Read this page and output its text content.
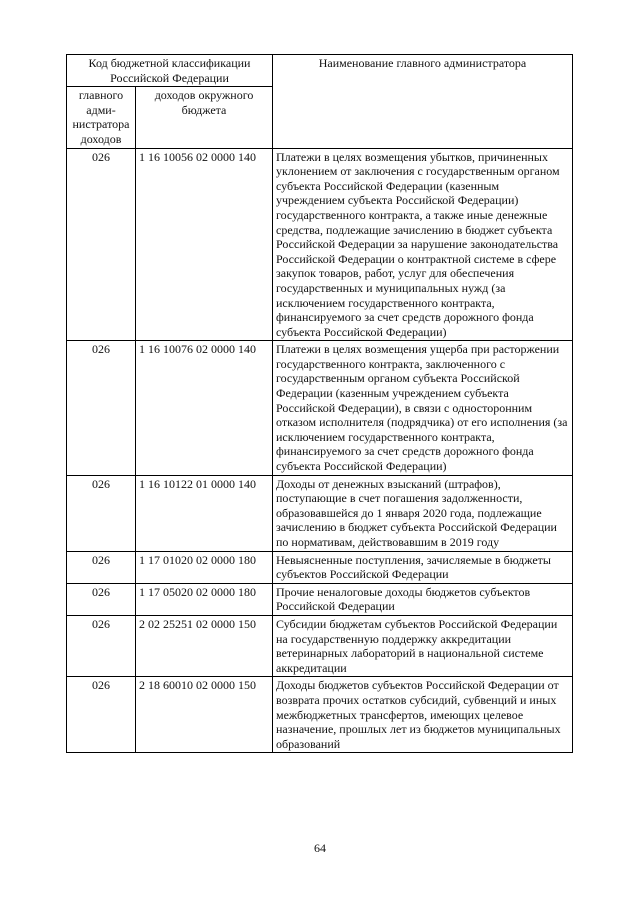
Код бюджетной классификации Российской Федерации		Наименование главного администратора
главного адми-нистратора доходов	доходов окружного бюджета	
026	1 16 10056 02 0000 140	Платежи в целях возмещения убытков, причиненных уклонением от заключения с государственным органом субъекта Российской Федерации (казенным учреждением субъекта Российской Федерации) государственного контракта, а также иные денежные средства, подлежащие зачислению в бюджет субъекта Российской Федерации за нарушение законодательства Российской Федерации о контрактной системе в сфере закупок товаров, работ, услуг для обеспечения государственных и муниципальных нужд (за исключением государственного контракта, финансируемого за счет средств дорожного фонда субъекта Российской Федерации)
026	1 16 10076 02 0000 140	Платежи в целях возмещения ущерба при расторжении государственного контракта, заключенного с государственным органом субъекта Российской Федерации (казенным учреждением субъекта Российской Федерации), в связи с односторонним отказом исполнителя (подрядчика) от его исполнения (за исключением государственного контракта, финансируемого за счет средств дорожного фонда субъекта Российской Федерации)
026	1 16 10122 01 0000 140	Доходы от денежных взысканий (штрафов), поступающие в счет погашения задолженности, образовавшейся до 1 января 2020 года, подлежащие зачислению в бюджет субъекта Российской Федерации по нормативам, действовавшим в 2019 году
026	1 17 01020 02 0000 180	Невыясненные поступления, зачисляемые в бюджеты субъектов Российской Федерации
026	1 17 05020 02 0000 180	Прочие неналоговые доходы бюджетов субъектов Российской Федерации
026	2 02 25251 02 0000 150	Субсидии бюджетам субъектов Российской Федерации на государственную поддержку аккредитации ветеринарных лабораторий в национальной системе аккредитации
026	2 18 60010 02 0000 150	Доходы бюджетов субъектов Российской Федерации от возврата прочих остатков субсидий, субвенций и иных межбюджетных трансфертов, имеющих целевое назначение, прошлых лет из бюджетов муниципальных образований
64
